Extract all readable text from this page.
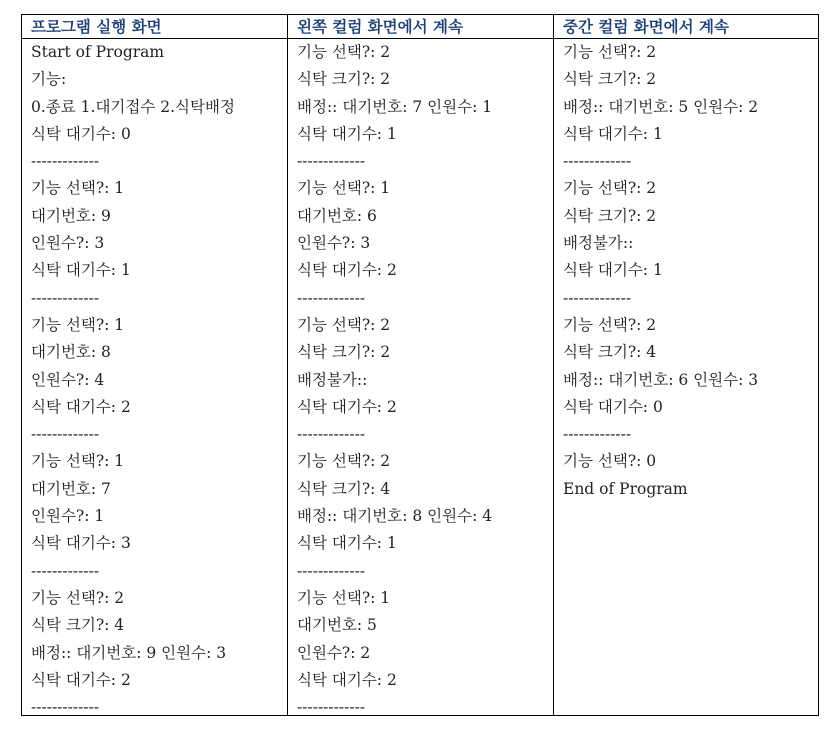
프로그램 실행 화면	왼쪽 컬럼 화면에서 계속	중간 컬럼 화면에서 계속
Start of Program
기능:
0.종료 1.대기접수 2.식탁배정
식탁 대기수: 0
-------------
기능 선택?: 1
대기번호: 9
인원수?: 3
식탁 대기수: 1
-------------
기능 선택?: 1
대기번호: 8
인원수?: 4
식탁 대기수: 2
-------------
기능 선택?: 1
대기번호: 7
인원수?: 1
식탁 대기수: 3
-------------
기능 선택?: 2
식탁 크기?: 4
배정:: 대기번호: 9 인원수: 3
식탁 대기수: 2
-------------
기능 선택?: 2
식탁 크기?: 2
배정:: 대기번호: 7 인원수: 1
식탁 대기수: 1
-------------
기능 선택?: 1
대기번호: 6
인원수?: 3
식탁 대기수: 2
-------------
기능 선택?: 2
식탁 크기?: 2
배정불가::
식탁 대기수: 2
-------------
기능 선택?: 2
식탁 크기?: 4
배정:: 대기번호: 8 인원수: 4
식탁 대기수: 1
-------------
기능 선택?: 1
대기번호: 5
인원수?: 2
식탁 대기수: 2
-------------
기능 선택?: 2
식탁 크기?: 2
배정:: 대기번호: 5 인원수: 2
식탁 대기수: 1
-------------
기능 선택?: 2
식탁 크기?: 2
배정불가::
식탁 대기수: 1
-------------
기능 선택?: 2
식탁 크기?: 4
배정:: 대기번호: 6 인원수: 3
식탁 대기수: 0
-------------
기능 선택?: 0
End of Program
